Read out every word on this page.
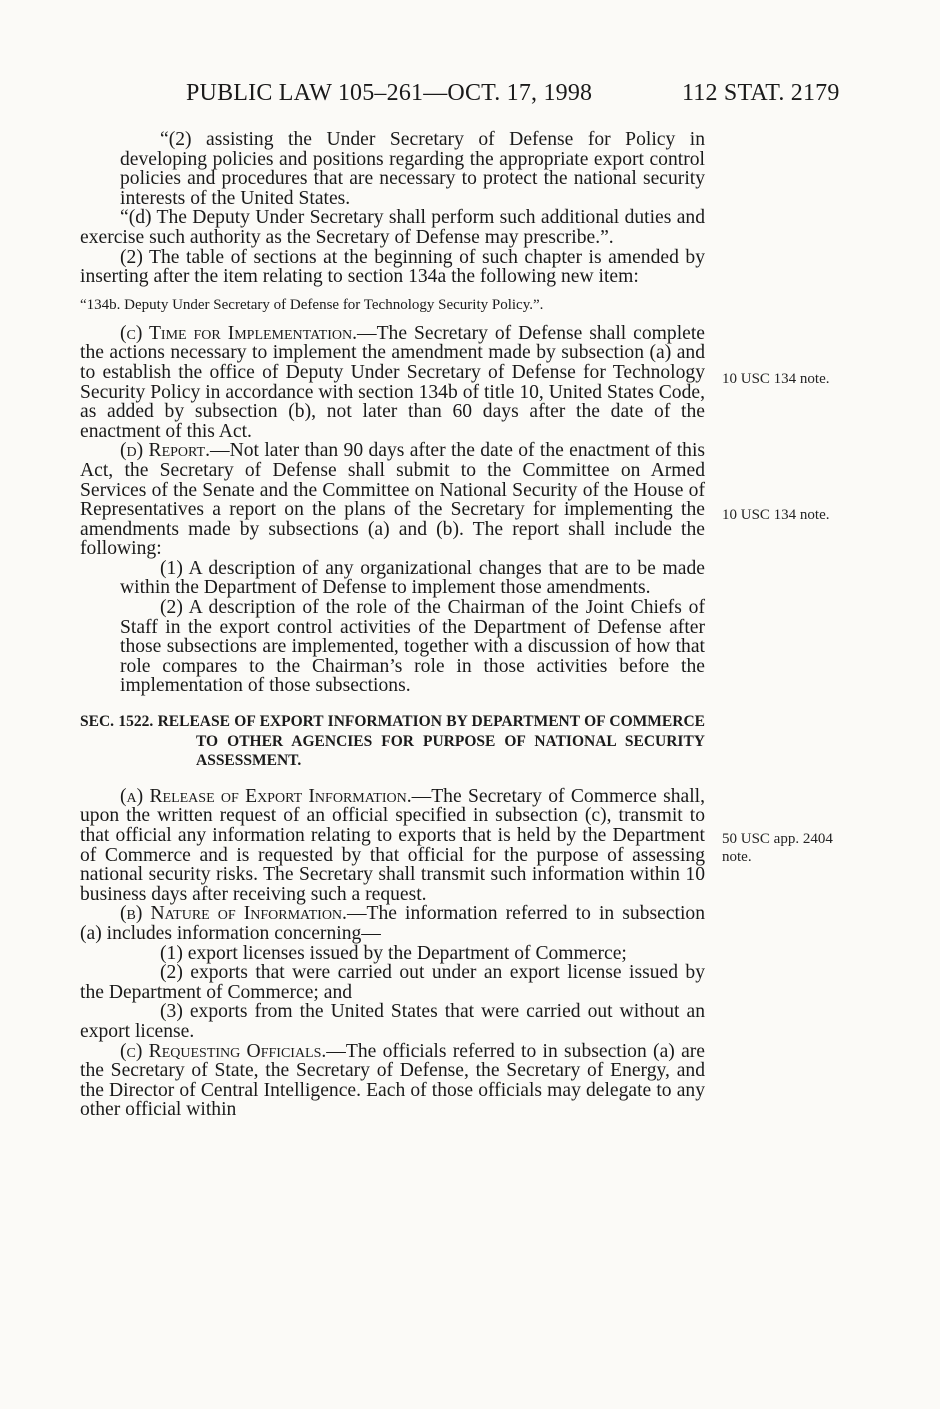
PUBLIC LAW 105–261—OCT. 17, 1998	112 STAT. 2179
10 USC 134 note.
10 USC 134 note.
50 USC app. 2404 note.

“(2) assisting the Under Secretary of Defense for Policy in developing policies and positions regarding the appropriate export control policies and procedures that are necessary to protect the national security interests of the United States.

“(d) The Deputy Under Secretary shall perform such additional duties and exercise such authority as the Secretary of Defense may prescribe.”.

(2) The table of sections at the beginning of such chapter is amended by inserting after the item relating to section 134a the following new item:

“134b. Deputy Under Secretary of Defense for Technology Security Policy.”.

(c) Time for Implementation.—The Secretary of Defense shall complete the actions necessary to implement the amendment made by subsection (a) and to establish the office of Deputy Under Secretary of Defense for Technology Security Policy in accordance with section 134b of title 10, United States Code, as added by subsection (b), not later than 60 days after the date of the enactment of this Act.

(d) Report.—Not later than 90 days after the date of the enactment of this Act, the Secretary of Defense shall submit to the Committee on Armed Services of the Senate and the Committee on National Security of the House of Representatives a report on the plans of the Secretary for implementing the amendments made by subsections (a) and (b). The report shall include the following:

(1) A description of any organizational changes that are to be made within the Department of Defense to implement those amendments.

(2) A description of the role of the Chairman of the Joint Chiefs of Staff in the export control activities of the Department of Defense after those subsections are implemented, together with a discussion of how that role compares to the Chairman’s role in those activities before the implementation of those subsections.

SEC. 1522. RELEASE OF EXPORT INFORMATION BY DEPARTMENT OF COMMERCE TO OTHER AGENCIES FOR PURPOSE OF NATIONAL SECURITY ASSESSMENT.

(a) Release of Export Information.—The Secretary of Commerce shall, upon the written request of an official specified in subsection (c), transmit to that official any information relating to exports that is held by the Department of Commerce and is requested by that official for the purpose of assessing national security risks. The Secretary shall transmit such information within 10 business days after receiving such a request.

(b) Nature of Information.—The information referred to in subsection (a) includes information concerning—

(1) export licenses issued by the Department of Commerce;

(2) exports that were carried out under an export license issued by the Department of Commerce; and

(3) exports from the United States that were carried out without an export license.

(c) Requesting Officials.—The officials referred to in subsection (a) are the Secretary of State, the Secretary of Defense, the Secretary of Energy, and the Director of Central Intelligence. Each of those officials may delegate to any other official within
